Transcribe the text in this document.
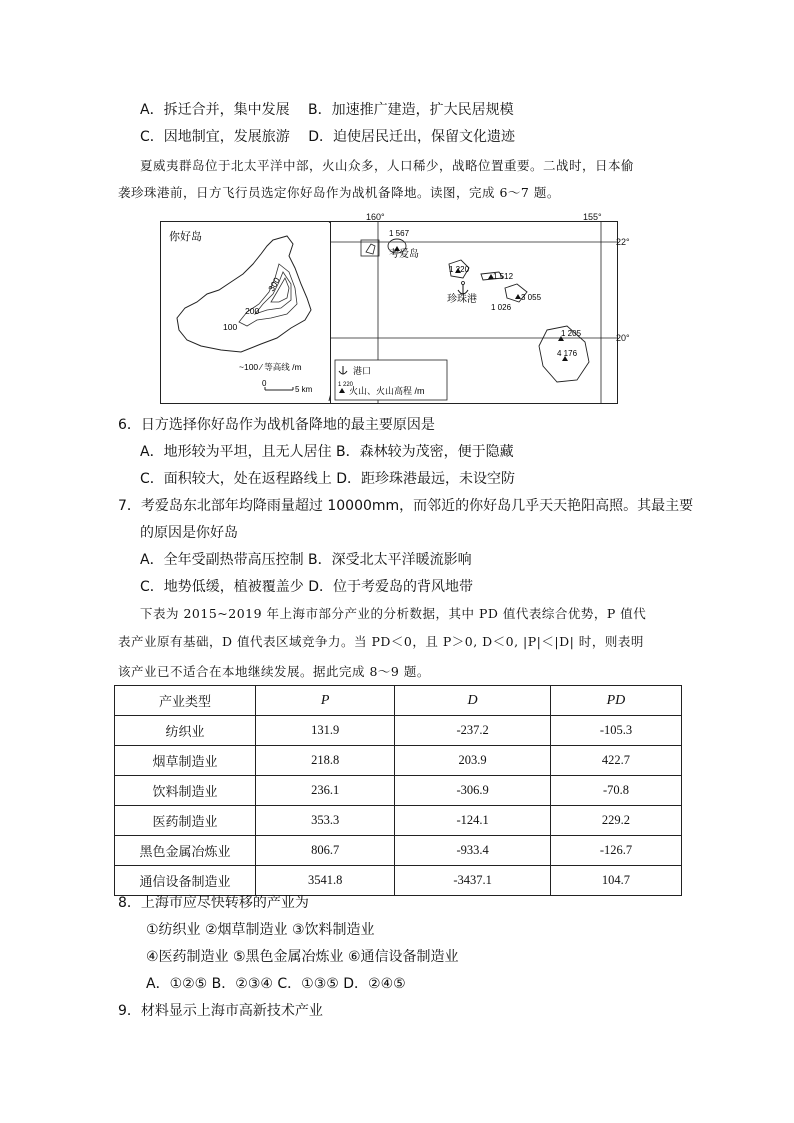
A．拆迁合并，集中发展　 B．加速推广建造，扩大民居规模
C．因地制宜，发展旅游　 D．迫使居民迁出，保留文化遗迹
夏威夷群岛位于北太平洋中部，火山众多，人口稀少，战略位置重要。二战时，日本偷
袭珍珠港前，日方飞行员选定你好岛作为战机备降地。读图，完成 6～7 题。
你好岛
300
200
100
~100 ⁄ 等高线 /m
0
5 km
1 567
考爱岛
1 220
1 512
珍珠港	3 055
1 026
1 205
4 176
港口
1 220
火山、火山高程 /m
160°	155°
22°
20°
6．日方选择你好岛作为战机备降地的最主要原因是
A．地形较为平坦，且无人居住 B．森林较为茂密，便于隐藏
C．面积较大，处在返程路线上 D．距珍珠港最远，未设空防
7．考爱岛东北部年均降雨量超过 10000mm，而邻近的你好岛几乎天天艳阳高照。其最主要
的原因是你好岛
A．全年受副热带高压控制 B．深受北太平洋暖流影响
C．地势低缓，植被覆盖少 D．位于考爱岛的背风地带
下表为 2015~2019 年上海市部分产业的分析数据，其中 PD 值代表综合优势，P 值代
表产业原有基础，D 值代表区域竞争力。当 PD＜0，且 P＞0, D＜0, |P|＜|D| 时，则表明
该产业已不适合在本地继续发展。据此完成 8～9 题。
产业类型	P	D	PD
纺织业	131.9	-237.2	-105.3
烟草制造业	218.8	203.9	422.7
饮料制造业	236.1	-306.9	-70.8
医药制造业	353.3	-124.1	229.2
黑色金属冶炼业	806.7	-933.4	-126.7
通信设备制造业	3541.8	-3437.1	104.7
8．上海市应尽快转移的产业为
①纺织业 ②烟草制造业 ③饮料制造业
④医药制造业 ⑤黑色金属冶炼业 ⑥通信设备制造业
A．①②⑤ B．②③④ C．①③⑤ D．②④⑤
9．材料显示上海市高新技术产业
